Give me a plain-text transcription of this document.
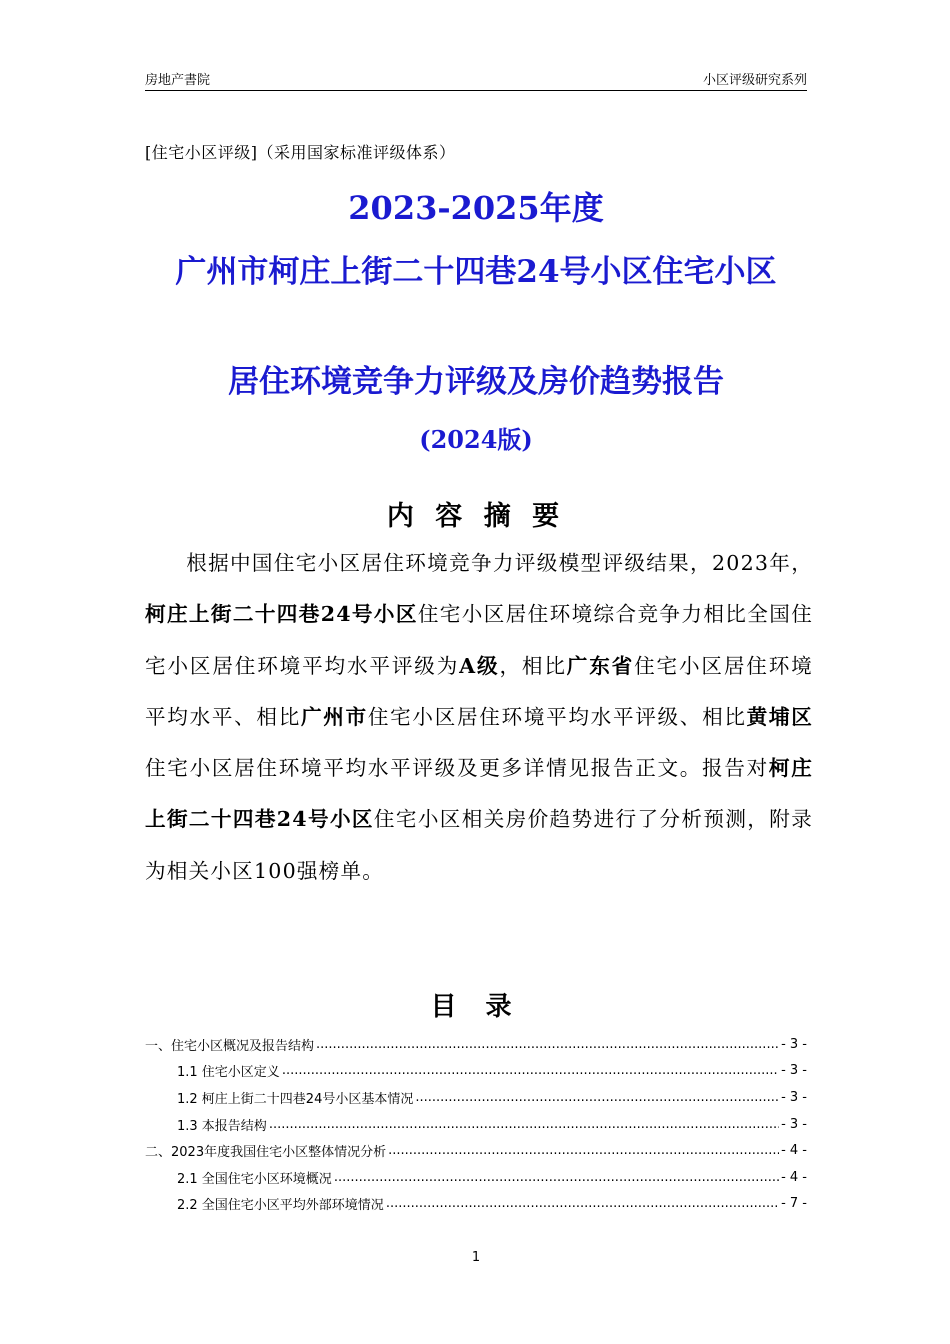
房地产書院	小区评级研究系列
[住宅小区评级]（采用国家标准评级体系）
2023-2025年度
广州市柯庄上街二十四巷24号小区住宅小区
居住环境竞争力评级及房价趋势报告
(2024版)
内 容 摘 要
根据中国住宅小区居住环境竞争力评级模型评级结果，2023年，柯庄上街二十四巷24号小区住宅小区居住环境综合竞争力相比全国住宅小区居住环境平均水平评级为A级，相比广东省住宅小区居住环境平均水平、相比广州市住宅小区居住环境平均水平评级、相比黄埔区住宅小区居住环境平均水平评级及更多详情见报告正文。报告对柯庄上街二十四巷24号小区住宅小区相关房价趋势进行了分析预测，附录为相关小区100强榜单。
目 录
一、住宅小区概况及报告结构 .....	- 3 -
1.1 住宅小区定义 .....	- 3 -
1.2 柯庄上街二十四巷24号小区基本情况 .....	- 3 -
1.3 本报告结构 .....	- 3 -
二、2023年度我国住宅小区整体情况分析 .....	- 4 -
2.1 全国住宅小区环境概况 .....	- 4 -
2.2 全国住宅小区平均外部环境情况 .....	- 7 -
1
